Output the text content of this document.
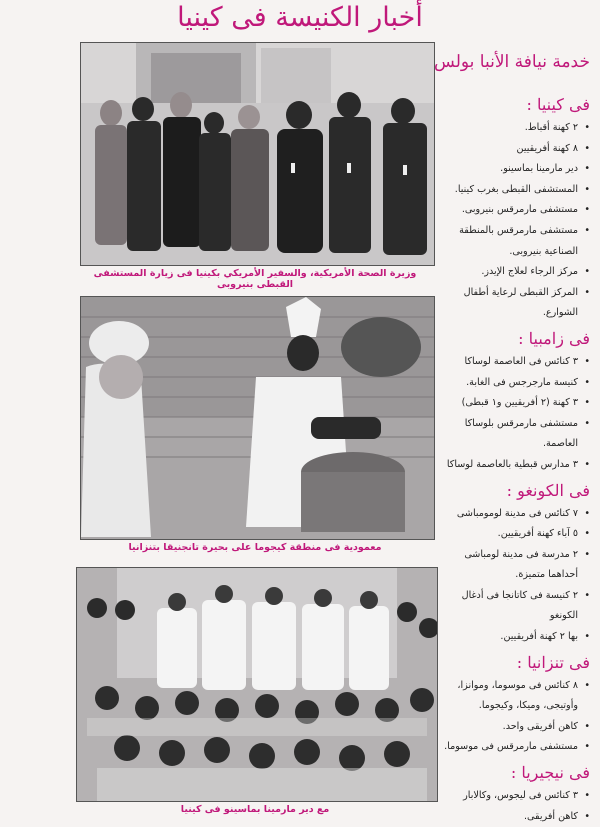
أخبار الكنيسة فى كينيا
خدمة نيافة الأنبا بولس
وزيرة الصحة الأمريكية، والسفير الأمريكي بكينيا فى زيارة المستشفى القبطى بنيروبى
معمودية فى منطقة كيجوما على بحيرة تانجنيقا بتنزانيا
مع دير مارمينا بماسينو فى كينيا
فى كينيا :
• ٢ كهنة أقباط.
• ٨ كهنة أفريقيين
• دير مارمينا بماسينو.
• المستشفى القبطى بغرب كينيا.
• مستشفى مارمرقس بنيروبى.
• مستشفى مارمرقس بالمنطقة الصناعية بنيروبى.
• مركز الرجاء لعلاج الإيدز.
• المركز القبطى لرعاية أطفال الشوارع.
فى زامبيا :
• ٣ كنائس فى العاصمة لوساكا
• كنيسة مارجرجس فى الغابة.
• ٣ كهنة (٢ أفريقيين و١ قبطى)
• مستشفى مارمرقس بلوساكا العاصمة.
• ٣ مدارس قبطية بالعاصمة لوساكا
فى الكونغو :
• ٧ كنائس فى مدينة لومومباشى
• ٥ آباء كهنة أفريقيين.
• ٢ مدرسة فى مدينة لومباشى أحداهما متميزة.
• ٢ كنيسة فى كاتانجا فى أدغال الكونغو
• بها ٢ كهنة أفريقيين.
فى تنزانيا :
• ٨ كنائس فى موسوما، وموانزا، وأوتيجى، وميكا، وكيجوما.
• كاهن أفريقى واحد.
• مستشفى مارمرقس فى موسوما.
فى نيجيريا :
• ٣ كنائس فى ليجوس، وكالابار
• كاهن أفريقى.
